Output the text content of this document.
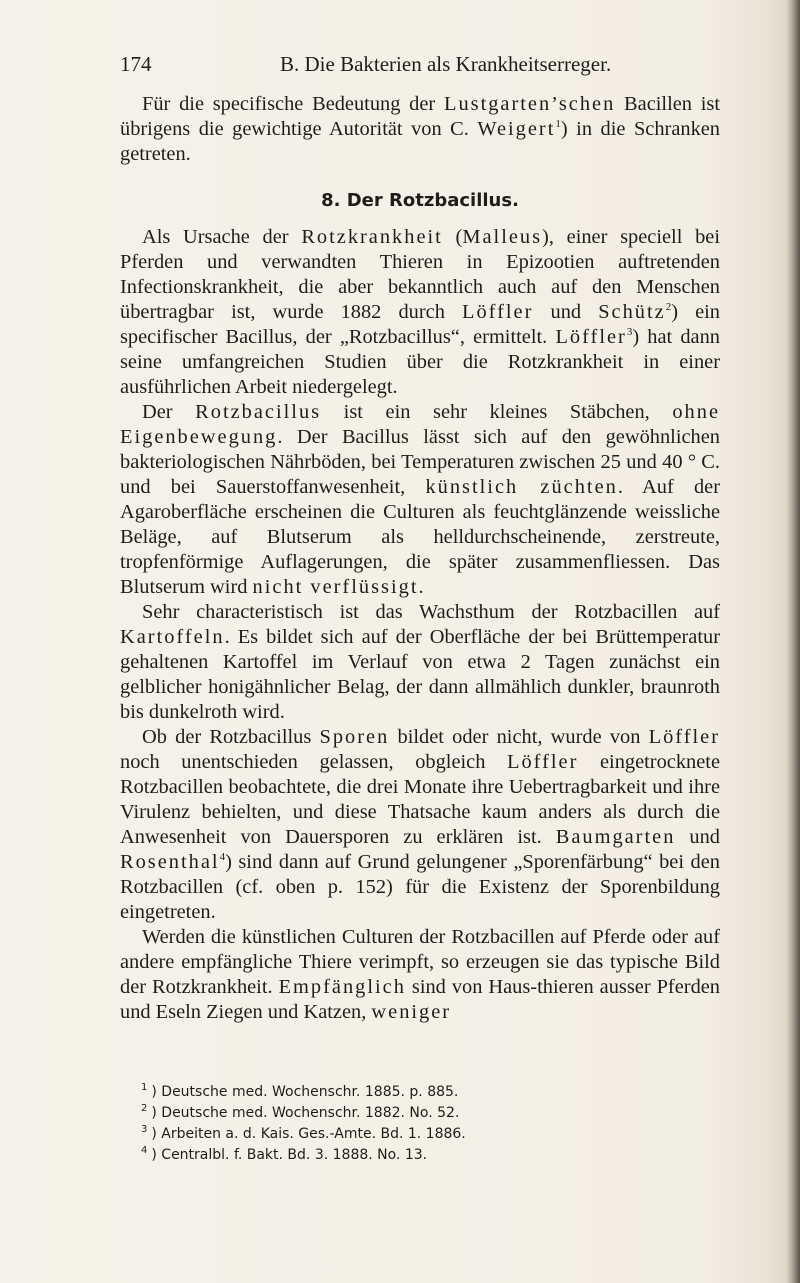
174	B. Die Bakterien als Krankheitserreger.

Für die specifische Bedeutung der Lustgarten’schen Bacillen ist übrigens die gewichtige Autorität von C. Weigert$^1$) in die Schranken getreten.

8. Der Rotzbacillus.

Als Ursache der Rotzkrankheit (Malleus), einer speciell bei Pferden und verwandten Thieren in Epizootien auftretenden Infectionskrankheit, die aber bekanntlich auch auf den Menschen übertragbar ist, wurde 1882 durch Löffler und Schütz$^2$) ein specifischer Bacillus, der „Rotzbacillus“, ermittelt. Löffler$^3$) hat dann seine umfangreichen Studien über die Rotzkrankheit in einer ausführlichen Arbeit niedergelegt.

Der Rotzbacillus ist ein sehr kleines Stäbchen, ohne Eigenbewegung. Der Bacillus lässt sich auf den gewöhnlichen bakteriologischen Nährböden, bei Temperaturen zwischen 25 und 40 ° C. und bei Sauerstoffanwesenheit, künstlich züchten. Auf der Agaroberfläche erscheinen die Culturen als feuchtglänzende weissliche Beläge, auf Blutserum als helldurchscheinende, zerstreute, tropfenförmige Auflagerungen, die später zusammenfliessen. Das Blutserum wird nicht verflüssigt.

Sehr characteristisch ist das Wachsthum der Rotzbacillen auf Kartoffeln. Es bildet sich auf der Oberfläche der bei Brüttemperatur gehaltenen Kartoffel im Verlauf von etwa 2 Tagen zunächst ein gelblicher honigähnlicher Belag, der dann allmählich dunkler, braunroth bis dunkelroth wird.

Ob der Rotzbacillus Sporen bildet oder nicht, wurde von Löffler noch unentschieden gelassen, obgleich Löffler eingetrocknete Rotzbacillen beobachtete, die drei Monate ihre Uebertragbarkeit und ihre Virulenz behielten, und diese Thatsache kaum anders als durch die Anwesenheit von Dauersporen zu erklären ist. Baumgarten und Rosenthal$^4$) sind dann auf Grund gelungener „Sporenfärbung“ bei den Rotzbacillen (cf. oben p. 152) für die Existenz der Sporenbildung eingetreten.

Werden die künstlichen Culturen der Rotzbacillen auf Pferde oder auf andere empfängliche Thiere verimpft, so erzeugen sie das typische Bild der Rotzkrankheit. Empfänglich sind von Haus-thieren ausser Pferden und Eseln Ziegen und Katzen, weniger

$^1$ ) Deutsche med. Wochenschr. 1885. p. 885.
$^2$ ) Deutsche med. Wochenschr. 1882. No. 52.
$^3$ ) Arbeiten a. d. Kais. Ges.-Amte. Bd. 1. 1886.
$^4$ ) Centralbl. f. Bakt. Bd. 3. 1888. No. 13.
